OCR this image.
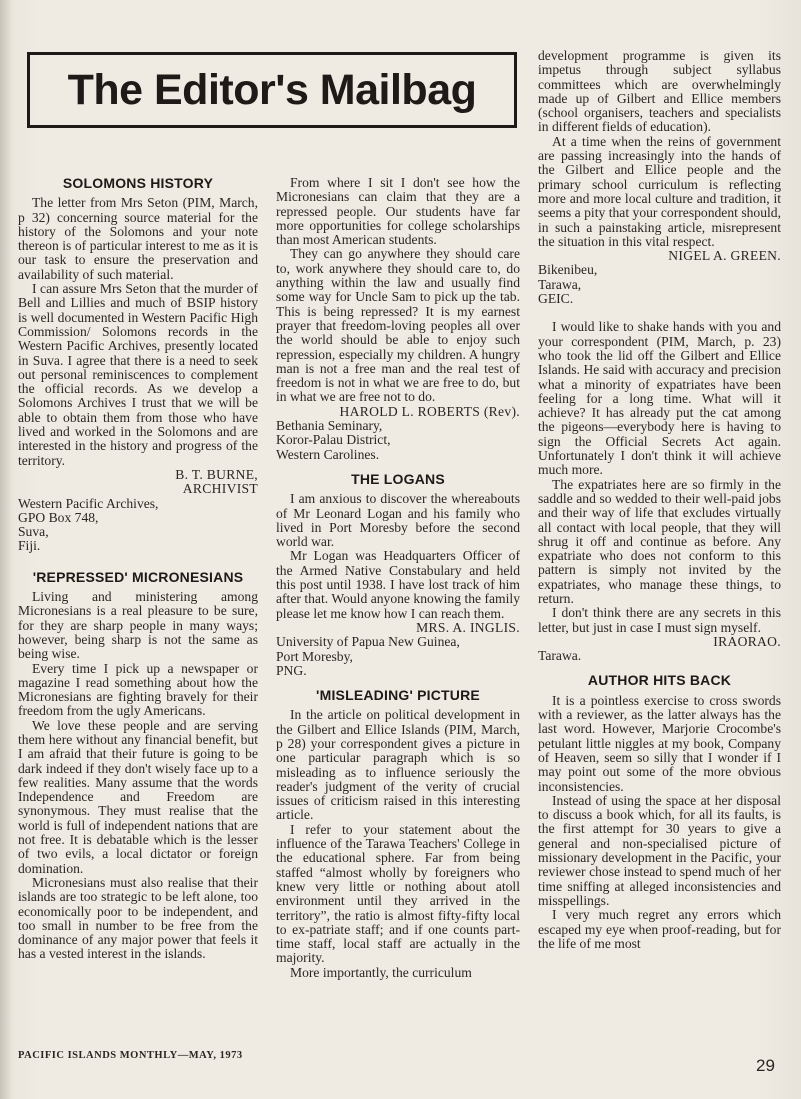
The Editor's Mailbag
SOLOMONS HISTORY

The letter from Mrs Seton (PIM, March, p 32) concerning source material for the history of the Solomons and your note thereon is of particular interest to me as it is our task to ensure the preservation and availability of such material.

I can assure Mrs Seton that the murder of Bell and Lillies and much of BSIP history is well documented in Western Pacific High Commission/ Solomons records in the Western Pacific Archives, presently located in Suva. I agree that there is a need to seek out personal reminiscences to complement the official records. As we develop a Solomons Archives I trust that we will be able to obtain them from those who have lived and worked in the Solomons and are interested in the history and progress of the territory.

B. T. BURNE,

ARCHIVIST

Western Pacific Archives,

GPO Box 748,

Suva,

Fiji.

'REPRESSED' MICRONESIANS

Living and ministering among Micronesians is a real pleasure to be sure, for they are sharp people in many ways; however, being sharp is not the same as being wise.

Every time I pick up a newspaper or magazine I read something about how the Micronesians are fighting bravely for their freedom from the ugly Americans.

We love these people and are serving them here without any financial benefit, but I am afraid that their future is going to be dark indeed if they don't wisely face up to a few realities. Many assume that the words Independence and Freedom are synonymous. They must realise that the world is full of independent nations that are not free. It is debatable which is the lesser of two evils, a local dictator or foreign domination.

Micronesians must also realise that their islands are too strategic to be left alone, too economically poor to be independent, and too small in number to be free from the dominance of any major power that feels it has a vested interest in the islands.

From where I sit I don't see how the Micronesians can claim that they are a repressed people. Our students have far more opportunities for college scholarships than most American students.

They can go anywhere they should care to, work anywhere they should care to, do anything within the law and usually find some way for Uncle Sam to pick up the tab. This is being repressed? It is my earnest prayer that freedom-loving peoples all over the world should be able to enjoy such repression, especially my children. A hungry man is not a free man and the real test of freedom is not in what we are free to do, but in what we are free not to do.

HAROLD L. ROBERTS (Rev).

Bethania Seminary,

Koror-Palau District,

Western Carolines.

THE LOGANS

I am anxious to discover the whereabouts of Mr Leonard Logan and his family who lived in Port Moresby before the second world war.

Mr Logan was Headquarters Officer of the Armed Native Constabulary and held this post until 1938. I have lost track of him after that. Would anyone knowing the family please let me know how I can reach them.

MRS. A. INGLIS.

University of Papua New Guinea,

Port Moresby,

PNG.

'MISLEADING' PICTURE

In the article on political development in the Gilbert and Ellice Islands (PIM, March, p 28) your correspondent gives a picture in one particular paragraph which is so misleading as to influence seriously the reader's judgment of the verity of crucial issues of criticism raised in this interesting article.

I refer to your statement about the influence of the Tarawa Teachers' College in the educational sphere. Far from being staffed “almost wholly by foreigners who knew very little or nothing about atoll environment until they arrived in the territory”, the ratio is almost fifty-fifty local to ex-patriate staff; and if one counts part-time staff, local staff are actually in the majority.

More importantly, the curriculum

development programme is given its impetus through subject syllabus committees which are overwhelmingly made up of Gilbert and Ellice members (school organisers, teachers and specialists in different fields of education).

At a time when the reins of government are passing increasingly into the hands of the Gilbert and Ellice people and the primary school curriculum is reflecting more and more local culture and tradition, it seems a pity that your correspondent should, in such a painstaking article, misrepresent the situation in this vital respect.

NIGEL A. GREEN.

Bikenibeu,

Tarawa,

GEIC.

I would like to shake hands with you and your correspondent (PIM, March, p. 23) who took the lid off the Gilbert and Ellice Islands. He said with accuracy and precision what a minority of expatriates have been feeling for a long time. What will it achieve? It has already put the cat among the pigeons—everybody here is having to sign the Official Secrets Act again. Unfortunately I don't think it will achieve much more.

The expatriates here are so firmly in the saddle and so wedded to their well-paid jobs and their way of life that excludes virtually all contact with local people, that they will shrug it off and continue as before. Any expatriate who does not conform to this pattern is simply not invited by the expatriates, who manage these things, to return.

I don't think there are any secrets in this letter, but just in case I must sign myself.

IRAORAO.

Tarawa.

AUTHOR HITS BACK

It is a pointless exercise to cross swords with a reviewer, as the latter always has the last word. However, Marjorie Crocombe's petulant little niggles at my book, Company of Heaven, seem so silly that I wonder if I may point out some of the more obvious inconsistencies.

Instead of using the space at her disposal to discuss a book which, for all its faults, is the first attempt for 30 years to give a general and non-specialised picture of missionary development in the Pacific, your reviewer chose instead to spend much of her time sniffing at alleged inconsistencies and misspellings.

I very much regret any errors which escaped my eye when proof-reading, but for the life of me most

PACIFIC ISLANDS MONTHLY—MAY, 1973
29
